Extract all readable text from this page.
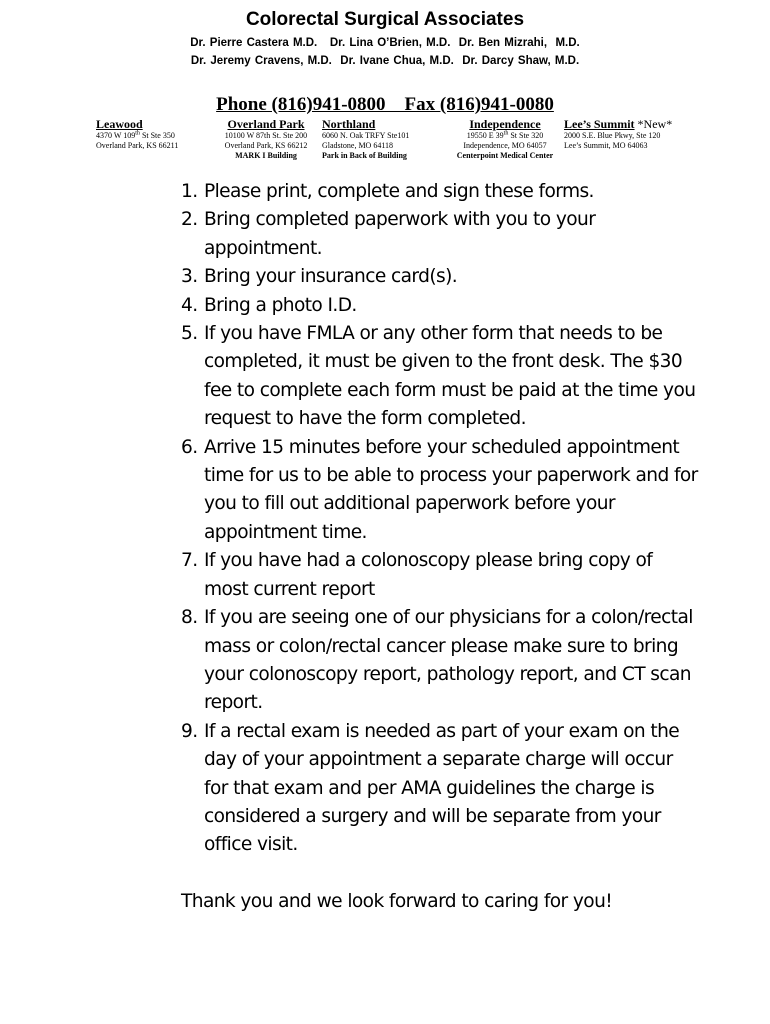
Colorectal Surgical Associates
Dr. Pierre Castera M.D.   Dr. Lina O’Brien, M.D.  Dr. Ben Mizrahi,  M.D.
Dr. Jeremy Cravens, M.D.  Dr. Ivane Chua, M.D.  Dr. Darcy Shaw, M.D.
Phone (816)941-0800    Fax (816)941-0080
Leawood
4370 W 109th St Ste 350
Overland Park, KS 66211
Overland Park
10100 W 87th St. Ste 200
Overland Park, KS 66212
MARK I Building
Northland
6060 N. Oak TRFY Ste101
Gladstone, MO 64118
Park in Back of Building
Independence
19550 E 39th St Ste 320
Independence, MO 64057
Centerpoint Medical Center
Lee’s Summit *New*
2000 S.E. Blue Pkwy, Ste 120
Lee’s Summit, MO 64063
1. Please print, complete and sign these forms.
2. Bring completed paperwork with you to your appointment.
3. Bring your insurance card(s).
4. Bring a photo I.D.
5. If you have FMLA or any other form that needs to be completed, it must be given to the front desk. The $30 fee to complete each form must be paid at the time you request to have the form completed.
6. Arrive 15 minutes before your scheduled appointment time for us to be able to process your paperwork and for you to fill out additional paperwork before your appointment time.
7. If you have had a colonoscopy please bring copy of most current report
8. If you are seeing one of our physicians for a colon/rectal mass or colon/rectal cancer please make sure to bring your colonoscopy report, pathology report, and CT scan report.
9. If a rectal exam is needed as part of your exam on the day of your appointment a separate charge will occur for that exam and per AMA guidelines the charge is considered a surgery and will be separate from your office visit.
Thank you and we look forward to caring for you!
